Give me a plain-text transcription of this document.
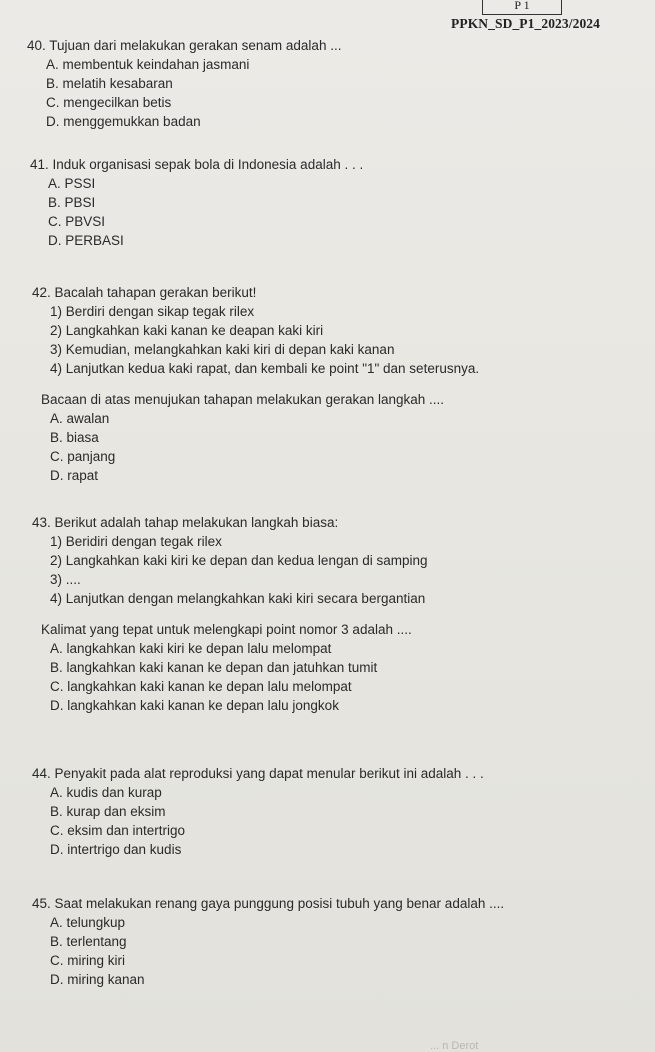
P 1
PPKN_SD_P1_2023/2024
40. Tujuan dari melakukan gerakan senam adalah ...
A. membentuk keindahan jasmani
B. melatih kesabaran
C. mengecilkan betis
D. menggemukkan badan
41. Induk organisasi sepak bola di Indonesia adalah . . .
A. PSSI
B. PBSI
C. PBVSI
D. PERBASI
42. Bacalah tahapan gerakan berikut!
1) Berdiri dengan sikap tegak rilex
2) Langkahkan kaki kanan ke deapan kaki kiri
3) Kemudian, melangkahkan kaki kiri di depan kaki kanan
4) Lanjutkan kedua kaki rapat, dan kembali ke point "1" dan seterusnya.
Bacaan di atas menujukan tahapan melakukan gerakan langkah ....
A. awalan
B. biasa
C. panjang
D. rapat
43. Berikut adalah tahap melakukan langkah biasa:
1) Beridiri dengan tegak rilex
2) Langkahkan kaki kiri ke depan dan kedua lengan di samping
3) ....
4) Lanjutkan dengan melangkahkan kaki kiri secara bergantian
Kalimat yang tepat untuk melengkapi point nomor 3 adalah ....
A. langkahkan kaki kiri ke depan lalu melompat
B. langkahkan kaki kanan ke depan dan jatuhkan tumit
C. langkahkan kaki kanan ke depan lalu melompat
D. langkahkan kaki kanan ke depan lalu jongkok
44. Penyakit pada alat reproduksi yang dapat menular berikut ini adalah . . .
A. kudis dan kurap
B. kurap dan eksim
C. eksim dan intertrigo
D. intertrigo dan kudis
45. Saat melakukan renang gaya punggung posisi tubuh yang benar adalah ....
A. telungkup
B. terlentang
C. miring kiri
D. miring kanan
... n Derot
